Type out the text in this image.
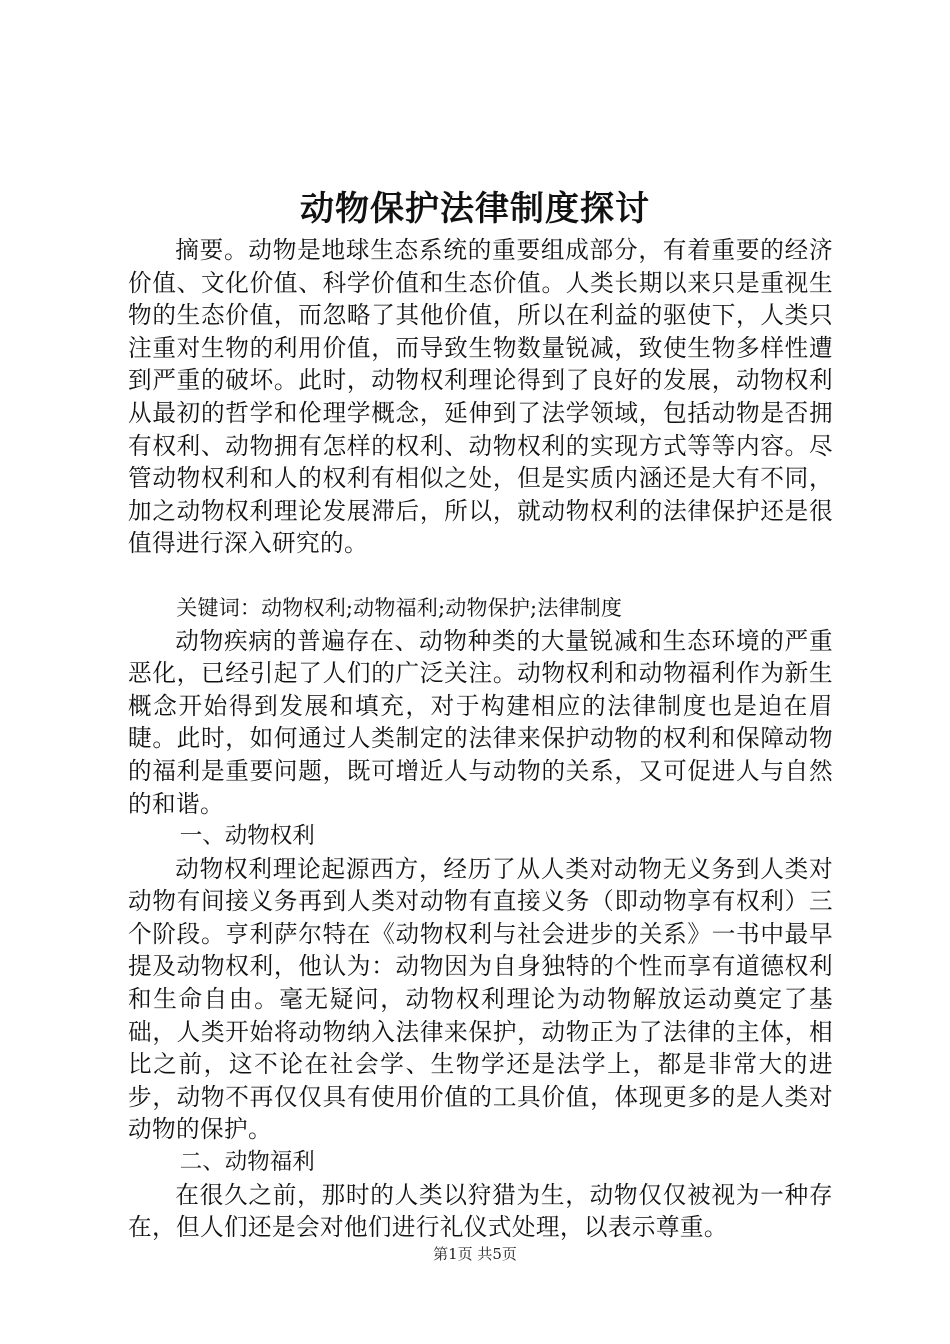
动物保护法律制度探讨

摘要。动物是地球生态系统的重要组成部分，有着重要的经济价值、文化价值、科学价值和生态价值。人类长期以来只是重视生物的生态价值，而忽略了其他价值，所以在利益的驱使下，人类只注重对生物的利用价值，而导致生物数量锐减，致使生物多样性遭到严重的破坏。此时，动物权利理论得到了良好的发展，动物权利从最初的哲学和伦理学概念，延伸到了法学领域，包括动物是否拥有权利、动物拥有怎样的权利、动物权利的实现方式等等内容。尽管动物权利和人的权利有相似之处，但是实质内涵还是大有不同，加之动物权利理论发展滞后，所以，就动物权利的法律保护还是很值得进行深入研究的。

关键词：动物权利;动物福利;动物保护;法律制度

动物疾病的普遍存在、动物种类的大量锐减和生态环境的严重恶化，已经引起了人们的广泛关注。动物权利和动物福利作为新生概念开始得到发展和填充，对于构建相应的法律制度也是迫在眉睫。此时，如何通过人类制定的法律来保护动物的权利和保障动物的福利是重要问题，既可增近人与动物的关系，又可促进人与自然的和谐。

一、动物权利

动物权利理论起源西方，经历了从人类对动物无义务到人类对动物有间接义务再到人类对动物有直接义务（即动物享有权利）三个阶段。亨利萨尔特在《动物权利与社会进步的关系》一书中最早提及动物权利，他认为：动物因为自身独特的个性而享有道德权利和生命自由。毫无疑问，动物权利理论为动物解放运动奠定了基础，人类开始将动物纳入法律来保护，动物正为了法律的主体，相比之前，这不论在社会学、生物学还是法学上，都是非常大的进步，动物不再仅仅具有使用价值的工具价值，体现更多的是人类对动物的保护。

二、动物福利

在很久之前，那时的人类以狩猎为生，动物仅仅被视为一种存在，但人们还是会对他们进行礼仪式处理，以表示尊重。

第1页 共5页
